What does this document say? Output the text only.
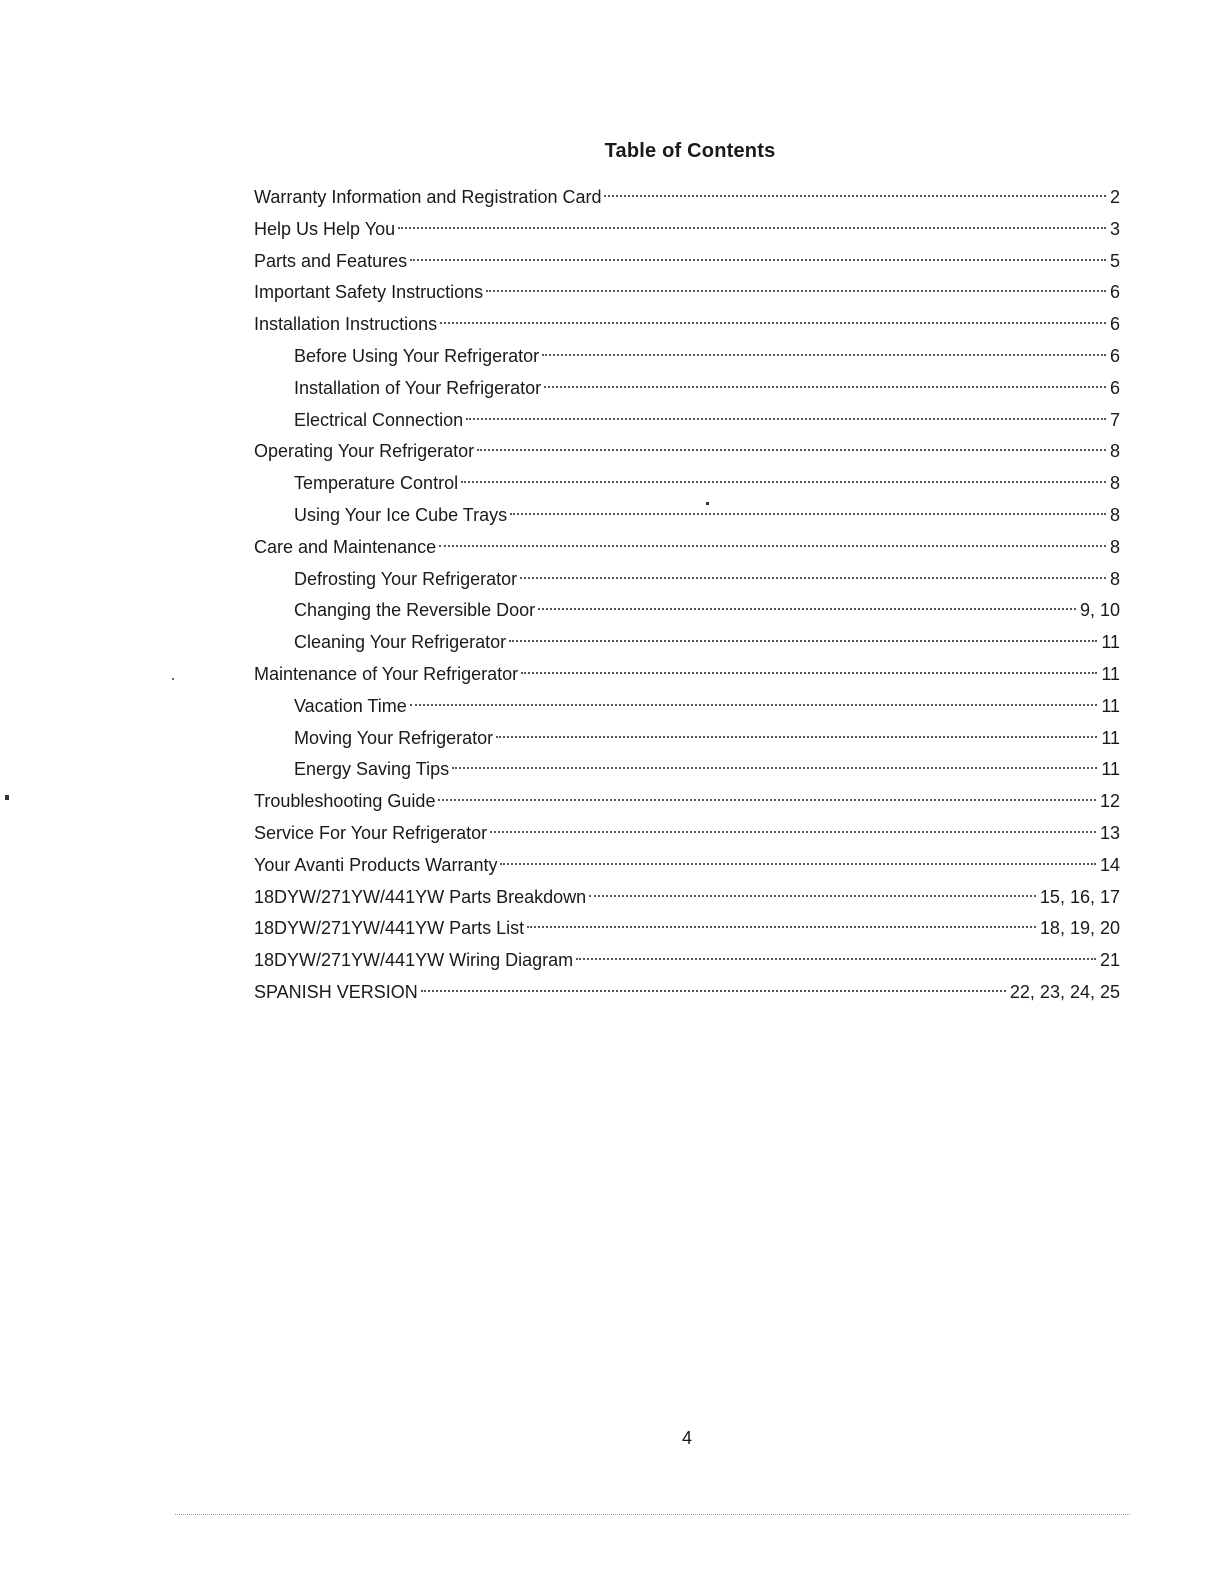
Table of Contents
Warranty Information and Registration Card	2
Help Us Help You	3
Parts and Features	5
Important Safety Instructions	6
Installation Instructions	6
Before Using Your Refrigerator	6
Installation of Your Refrigerator	6
Electrical Connection	7
Operating Your Refrigerator	8
Temperature Control	8
Using Your Ice Cube Trays	8
Care and Maintenance	8
Defrosting Your Refrigerator	8
Changing the Reversible Door	9, 10
Cleaning Your Refrigerator	11
Maintenance of Your Refrigerator	11
Vacation Time	11
Moving Your Refrigerator	11
Energy Saving Tips	11
Troubleshooting Guide	12
Service For Your Refrigerator	13
Your Avanti Products Warranty	14
18DYW/271YW/441YW Parts Breakdown	15, 16, 17
18DYW/271YW/441YW Parts List	18, 19, 20
18DYW/271YW/441YW Wiring Diagram	21
SPANISH VERSION	22, 23, 24, 25
4
